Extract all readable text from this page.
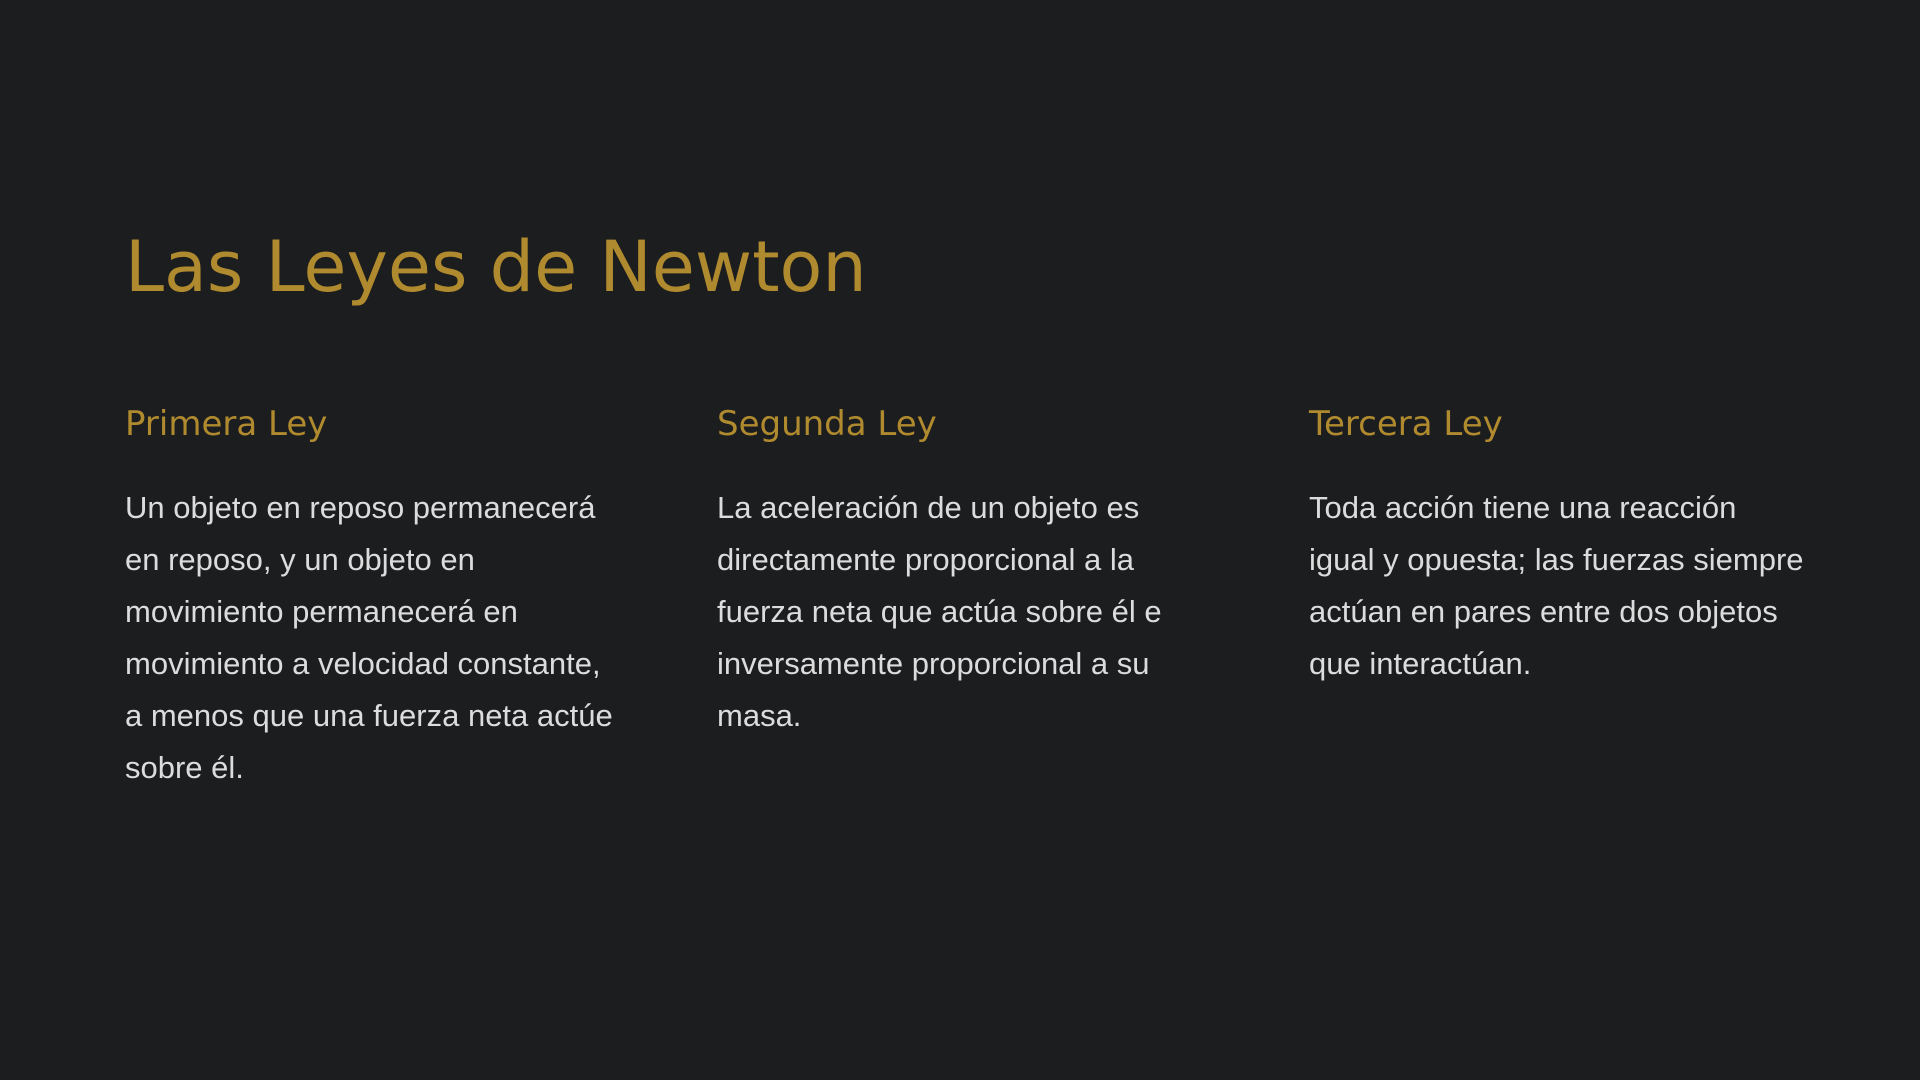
Las Leyes de Newton
Primera Ley

Un objeto en reposo permanecerá en reposo, y un objeto en movimiento permanecerá en movimiento a velocidad constante, a menos que una fuerza neta actúe sobre él.

Segunda Ley

La aceleración de un objeto es directamente proporcional a la fuerza neta que actúa sobre él e inversamente proporcional a su masa.

Tercera Ley

Toda acción tiene una reacción igual y opuesta; las fuerzas siempre actúan en pares entre dos objetos que interactúan.
